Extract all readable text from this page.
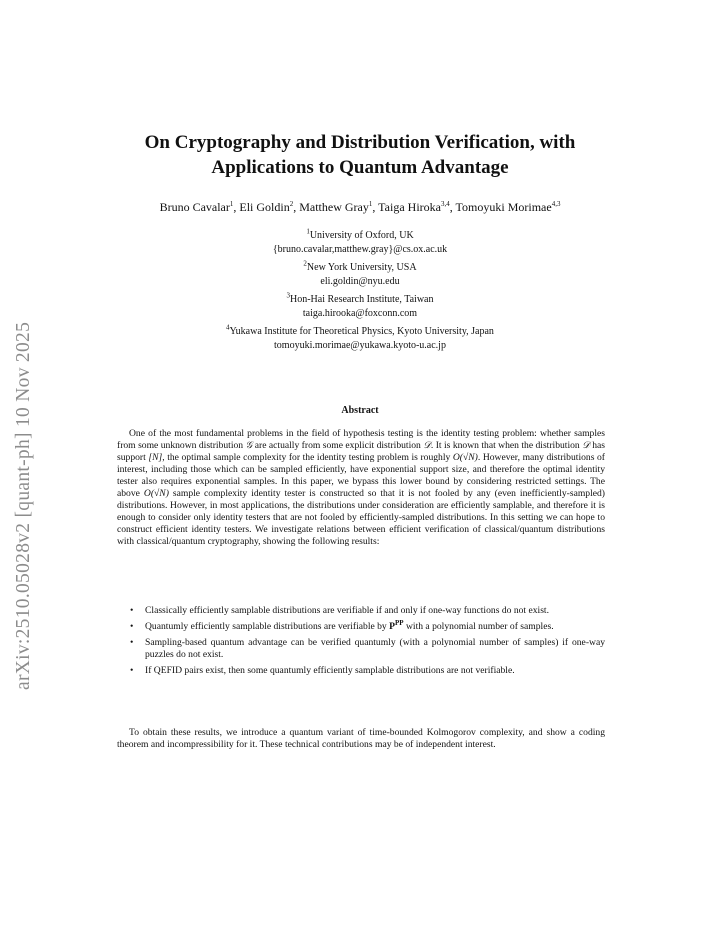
arXiv:2510.05028v2 [quant-ph] 10 Nov 2025
On Cryptography and Distribution Verification, with
Applications to Quantum Advantage
Bruno Cavalar$^1$, Eli Goldin$^2$, Matthew Gray$^1$, Taiga Hiroka$^{3,4}$, Tomoyuki Morimae$^{4,3}$
$^1$University of Oxford, UK
{bruno.cavalar,matthew.gray}@cs.ox.ac.uk
$^2$New York University, USA
eli.goldin@nyu.edu
$^3$Hon-Hai Research Institute, Taiwan
taiga.hirooka@foxconn.com
$^4$Yukawa Institute for Theoretical Physics, Kyoto University, Japan
tomoyuki.morimae@yukawa.kyoto-u.ac.jp
Abstract

One of the most fundamental problems in the field of hypothesis testing is the identity testing problem: whether samples from some unknown distribution 𝒢 are actually from some explicit distribution 𝒟. It is known that when the distribution 𝒟 has support [N], the optimal sample complexity for the identity testing problem is roughly O(√N). However, many distributions of interest, including those which can be sampled efficiently, have exponential support size, and therefore the optimal identity tester also requires exponential samples. In this paper, we bypass this lower bound by considering restricted settings. The above O(√N) sample complexity identity tester is constructed so that it is not fooled by any (even inefficiently-sampled) distributions. However, in most applications, the distributions under consideration are efficiently samplable, and therefore it is enough to consider only identity testers that are not fooled by efficiently-sampled distributions. In this setting we can hope to construct efficient identity testers. We investigate relations between efficient verification of classical/quantum distributions with classical/quantum cryptography, showing the following results:

• Classically efficiently samplable distributions are verifiable if and only if one-way functions do not exist.
• Quantumly efficiently samplable distributions are verifiable by $P^{PP}$ with a polynomial number of samples.
• Sampling-based quantum advantage can be verified quantumly (with a polynomial number of samples) if one-way puzzles do not exist.
• If QEFID pairs exist, then some quantumly efficiently samplable distributions are not verifiable.

To obtain these results, we introduce a quantum variant of time-bounded Kolmogorov complexity, and show a coding theorem and incompressibility for it. These technical contributions may be of independent interest.
